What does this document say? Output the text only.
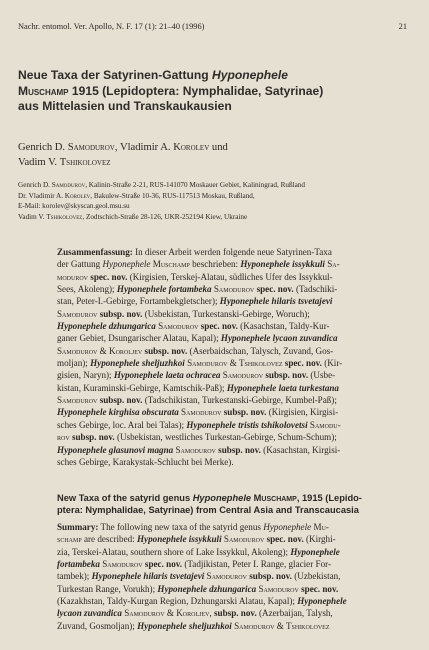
Nachr. entomol. Ver. Apollo, N. F. 17 (1): 21–40 (1996)	21

Neue Taxa der Satyrinen-Gattung Hyponephele

Muschamp 1915 (Lepidoptera: Nymphalidae, Satyrinae)

aus Mittelasien und Transkaukausien

Genrich D. Samodurov, Vladimir A. Korolev und

Vadim V. Tshikolovez

Genrich D. Samodurov, Kalinin-Straße 2-21, RUS-141070 Moskauer Gebiet, Kaliningrad, Rußland

Dr. Vladimir A. Korolev, Bakulew-Straße 10-36, RUS-117513 Moskau, Rußland,

E-Mail: korolev@skyscan.geol.msu.su

Vadim V. Tshikolovez, Zodtschich-Straße 28-126, UKR-252194 Kiew, Ukraine

Zusammenfassung: In dieser Arbeit werden folgende neue Satyrinen-Taxa

der Gattung Hyponephele Muschamp beschrieben: Hyponephele issykkuli Sa-

modurov spec. nov. (Kirgisien, Terskej-Alatau, südliches Ufer des Issykkul-

Sees, Akoleng); Hyponephele fortambeka Samodurov spec. nov. (Tadschiki-

stan, Peter-I.-Gebirge, Fortambekgletscher); Hyponephele hilaris tsvetajevi

Samodurov subsp. nov. (Usbekistan, Turkestanski-Gebirge, Woruch);

Hyponephele dzhungarica Samodurov spec. nov. (Kasachstan, Taldy-Kur-

ganer Gebiet, Dsungarischer Alatau, Kapal); Hyponephele lycaon zuvandica

Samodurov & Koroljev subsp. nov. (Aserbaidschan, Talysch, Zuvand, Gos-

moljan); Hyponephele sheljuzhkoi Samodurov & Tshikolovez spec. nov. (Kir-

gisien, Naryn); Hyponephele laeta ochracea Samodurov subsp. nov. (Usbe-

kistan, Kuraminski-Gebirge, Kamtschik-Paß); Hyponephele laeta turkestana

Samodurov subsp. nov. (Tadschikistan, Turkestanski-Gebirge, Kumbel-Paß);

Hyponephele kirghisa obscurata Samodurov subsp. nov. (Kirgisien, Kirgisi-

sches Gebirge, loc. Aral bei Talas); Hyponephele tristis tshikolovetsi Samodu-

rov subsp. nov. (Usbekistan, westliches Turkestan-Gebirge, Schum-Schum);

Hyponephele glasunovi magna Samodurov subsp. nov. (Kasachstan, Kirgisi-

sches Gebirge, Karakystak-Schlucht bei Merke).

New Taxa of the satyrid genus Hyponephele Muschamp, 1915 (Lepido-

ptera: Nymphalidae, Satyrinae) from Central Asia and Transcaucasia

Summary: The following new taxa of the satyrid genus Hyponephele Mu-

schamp are described: Hyponephele issykkuli Samodurov spec. nov. (Kirghi-

zia, Terskei-Alatau, southern shore of Lake Issykkul, Akoleng); Hyponephele

fortambeka Samodurov spec. nov. (Tadjikistan, Peter I. Range, glacier For-

tambek); Hyponephele hilaris tsvetajevi Samodurov subsp. nov. (Uzbekistan,

Turkestan Range, Vorukh); Hyponephele dzhungarica Samodurov spec. nov.

(Kazakhstan, Taldy-Kurgan Region, Dzhungarski Alatau, Kapal); Hyponephele

lycaon zuvandica Samodurov & Koroljev, subsp. nov. (Azerbaijan, Talysh,

Zuvand, Gosmoljan); Hyponephele sheljuzhkoi Samodurov & Tshikolovez
